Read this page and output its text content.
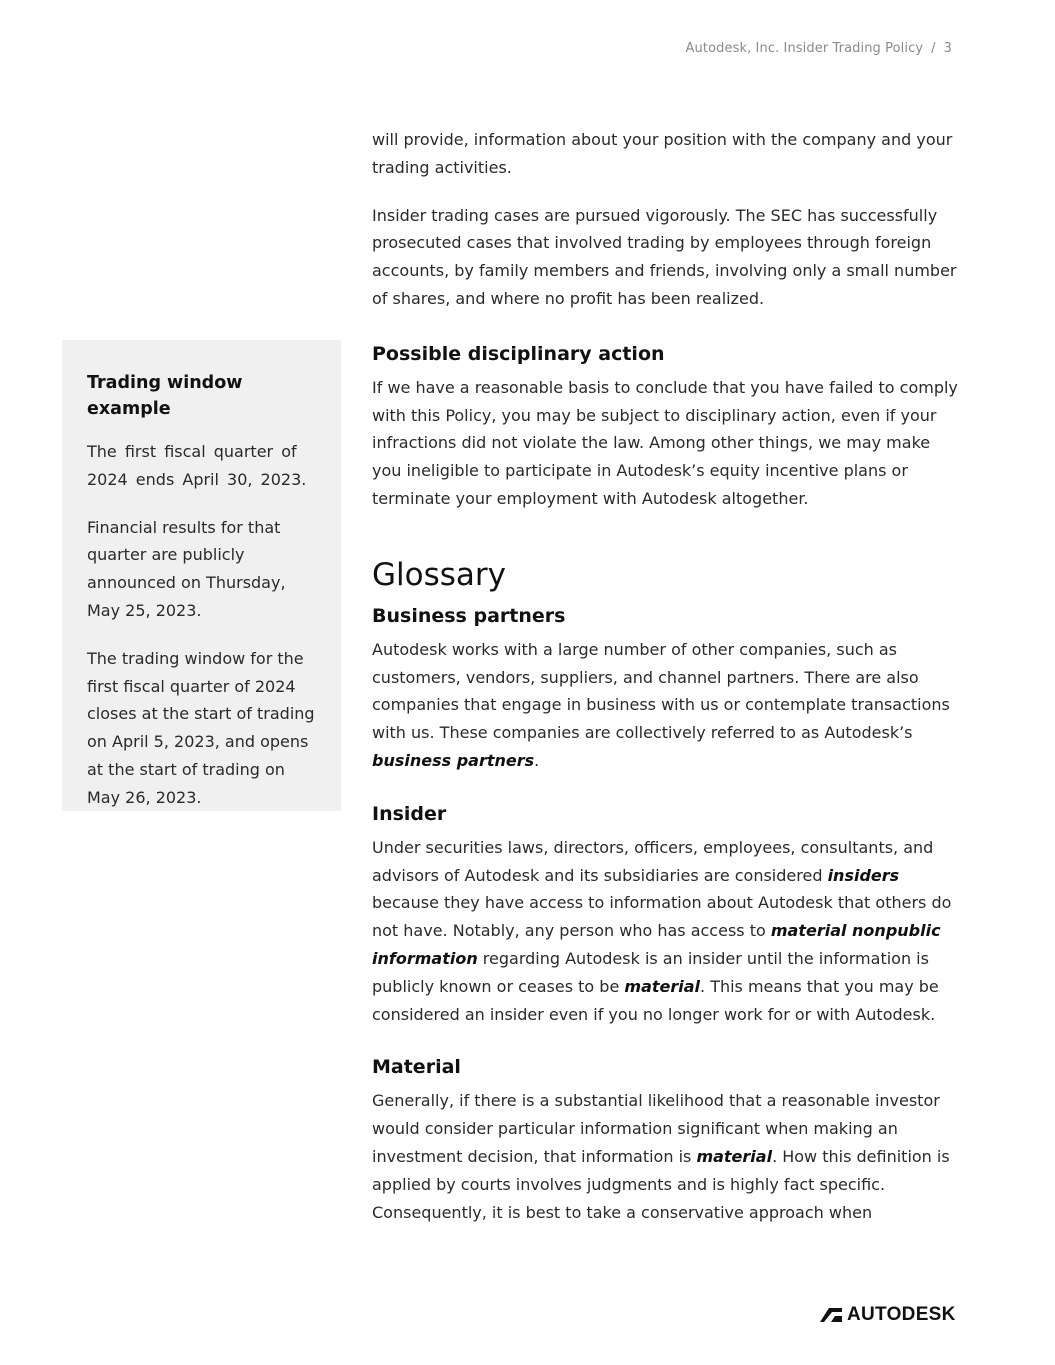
Autodesk, Inc. Insider Trading Policy / 3
Trading window example

The first fiscal quarter of 2024 ends April 30, 2023.

Financial results for that quarter are publicly announced on Thursday, May 25, 2023.

The trading window for the first fiscal quarter of 2024 closes at the start of trading on April 5, 2023, and opens at the start of trading on May 26, 2023.

will provide, information about your position with the company and your trading activities.

Insider trading cases are pursued vigorously. The SEC has successfully prosecuted cases that involved trading by employees through foreign accounts, by family members and friends, involving only a small number of shares, and where no profit has been realized.

Possible disciplinary action

If we have a reasonable basis to conclude that you have failed to comply with this Policy, you may be subject to disciplinary action, even if your infractions did not violate the law. Among other things, we may make you ineligible to participate in Autodesk’s equity incentive plans or terminate your employment with Autodesk altogether.

Glossary
Business partners

Autodesk works with a large number of other companies, such as customers, vendors, suppliers, and channel partners. There are also companies that engage in business with us or contemplate transactions with us. These companies are collectively referred to as Autodesk’s business partners.

Insider

Under securities laws, directors, officers, employees, consultants, and advisors of Autodesk and its subsidiaries are considered insiders because they have access to information about Autodesk that others do not have. Notably, any person who has access to material nonpublic information regarding Autodesk is an insider until the information is publicly known or ceases to be material. This means that you may be considered an insider even if you no longer work for or with Autodesk.

Material

Generally, if there is a substantial likelihood that a reasonable investor would consider particular information significant when making an investment decision, that information is material. How this definition is applied by courts involves judgments and is highly fact specific. Consequently, it is best to take a conservative approach when

AUTODESK
